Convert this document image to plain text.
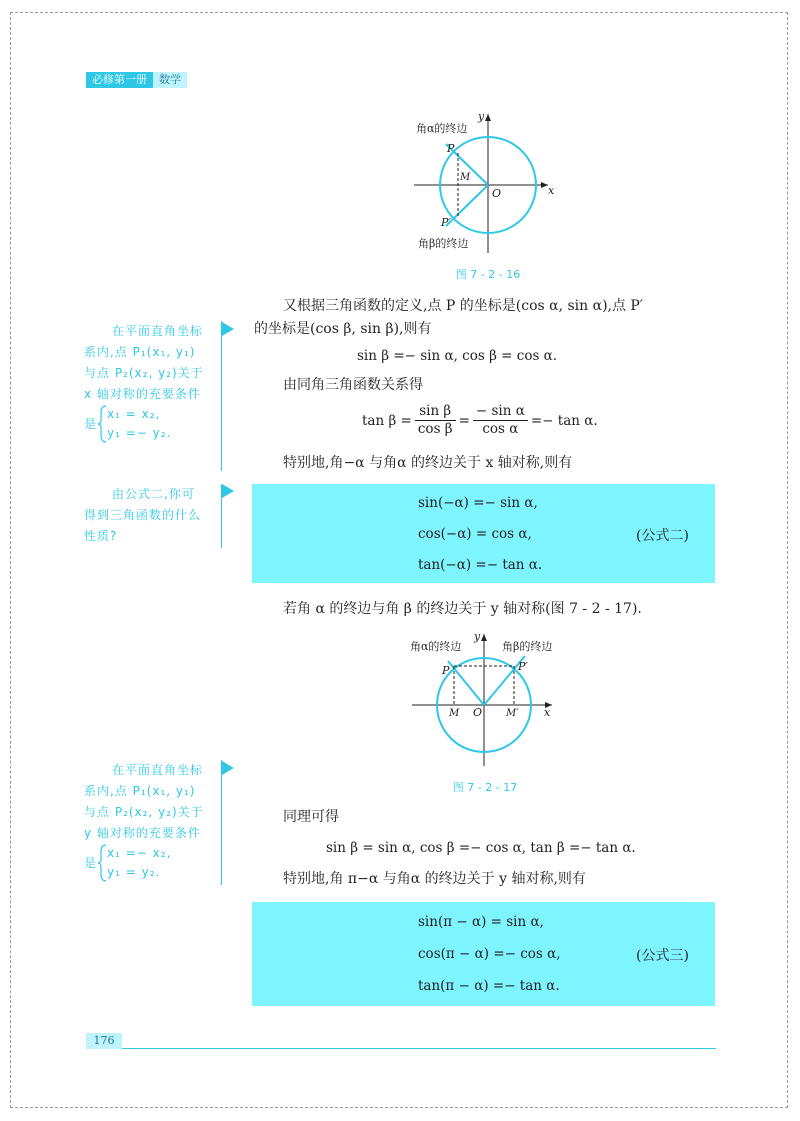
必修第一册	数学
角α的终边
角β的终边
P
P′
M
O	x
y
图 7 - 2 - 16
又根据三角函数的定义,点 P 的坐标是(cos α, sin α),点 P′
的坐标是(cos β, sin β),则有
sin β =− sin α, cos β = cos α.
由同角三角函数关系得
$\tan \beta = \frac{\text{sin β}}{\text{cos β}} = \frac{\text{− sin α}}{\text{cos α}} =- \tan \alpha$.
特别地,角−α 与角α 的终边关于 x 轴对称,则有
sin(−α) =− sin α,
cos(−α) = cos α,
tan(−α) =− tan α.
(公式二)
若角 α 的终边与角 β 的终边关于 y 轴对称(图 7 - 2 - 17).
角α的终边	角β的终边
P	P′
M	M′
O	x
y
图 7 - 2 - 17
同理可得
sin β = sin α, cos β =− cos α, tan β =− tan α.
特别地,角 π−α 与角α 的终边关于 y 轴对称,则有
sin(π − α) = sin α,
cos(π − α) =− cos α,
tan(π − α) =− tan α.
(公式三)
在平面直角坐标
系内,点 P₁(x₁, y₁)
与点 P₂(x₂, y₂)关于
x 轴对称的充要条件
是
x₁ = x₂,
y₁ =− y₂.
由公式二,你可
得到三角函数的什么
性质?
在平面直角坐标
系内,点 P₁(x₁, y₁)
与点 P₂(x₂, y₂)关于
y 轴对称的充要条件
是
x₁ =− x₂,
y₁ = y₂.
176
